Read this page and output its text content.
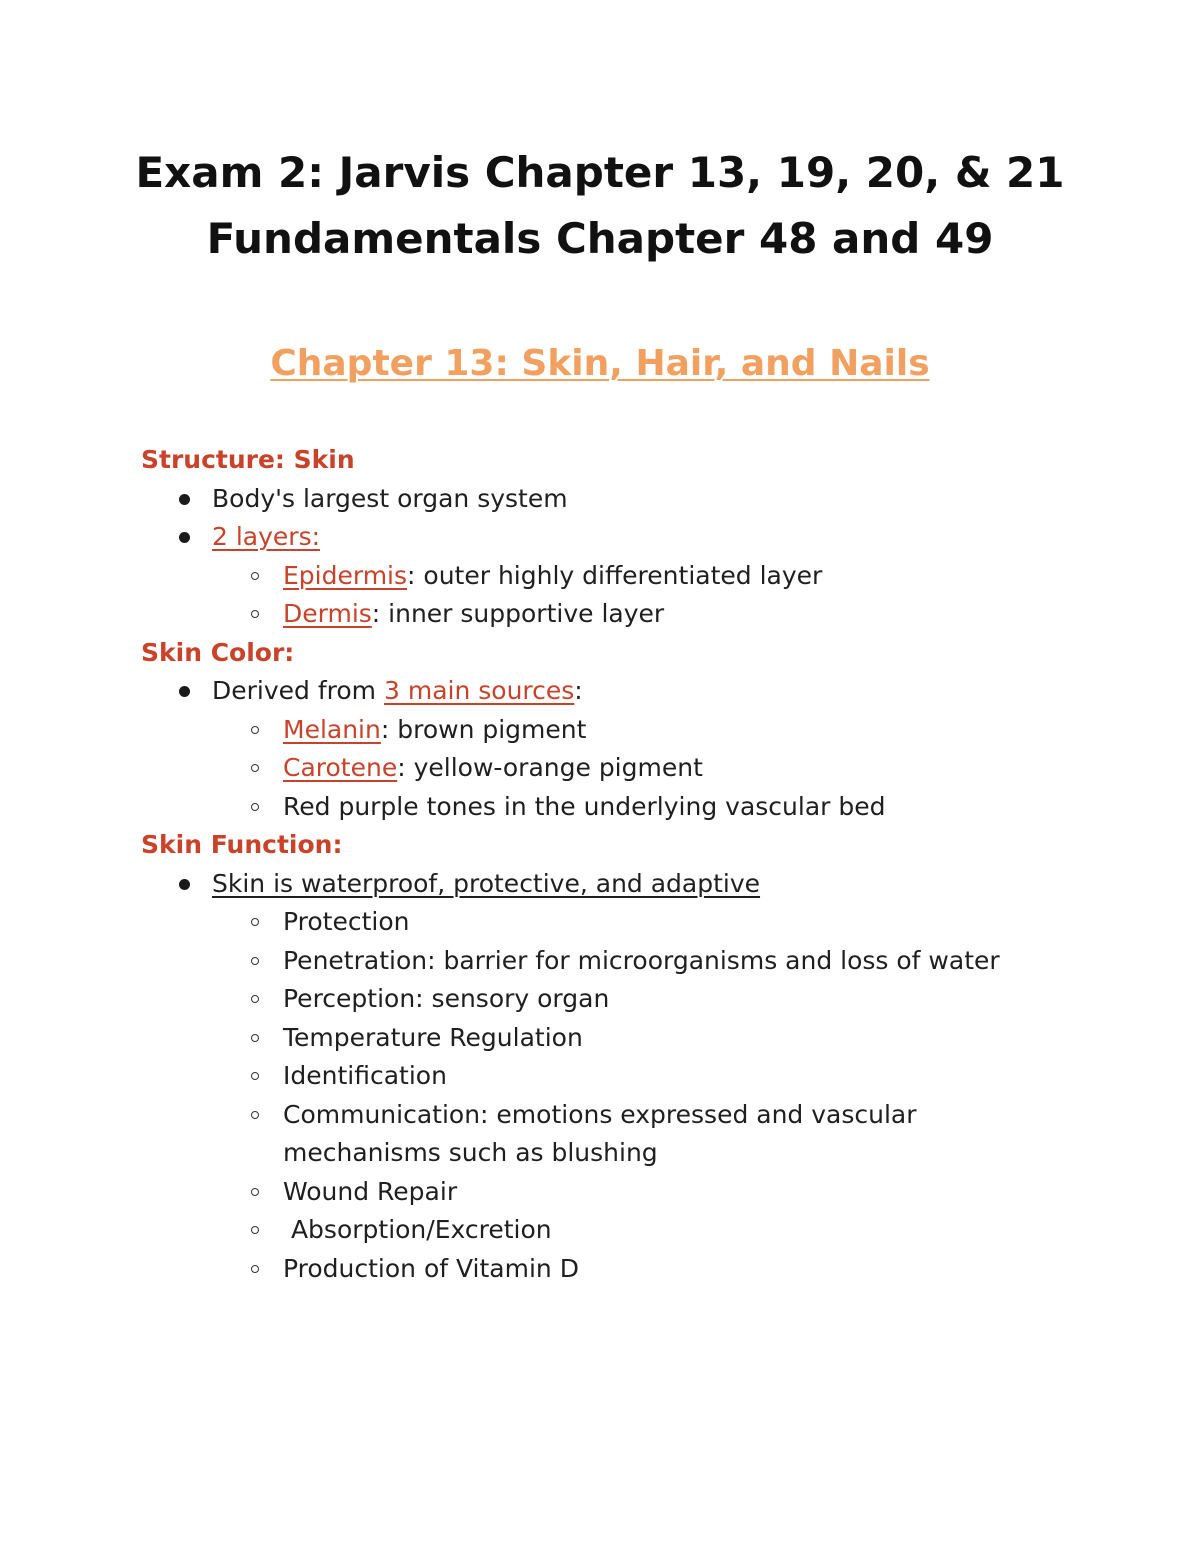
Exam 2: Jarvis Chapter 13, 19, 20, & 21
Fundamentals Chapter 48 and 49
Chapter 13: Skin, Hair, and Nails
Structure: Skin
Body's largest organ system
2 layers:
Epidermis: outer highly differentiated layer
Dermis: inner supportive layer
Skin Color:
Derived from 3 main sources:
Melanin: brown pigment
Carotene: yellow-orange pigment
Red purple tones in the underlying vascular bed
Skin Function:
Skin is waterproof, protective, and adaptive
Protection
Penetration: barrier for microorganisms and loss of water
Perception: sensory organ
Temperature Regulation
Identification
Communication: emotions expressed and vascular mechanisms such as blushing
Wound Repair
Absorption/Excretion
Production of Vitamin D
